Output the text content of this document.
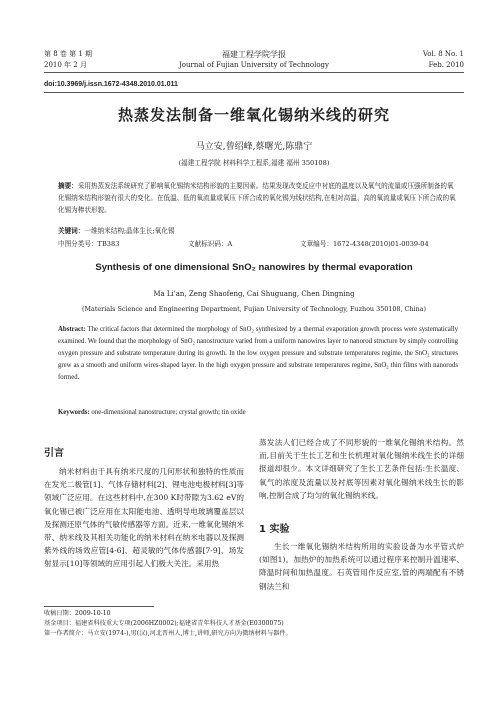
第 8 卷 第 1 期
2010 年 2 月
福建工程学院学报
Journal of Fujian University of Technology
Vol. 8 No. 1
Feb. 2010
doi:10.3969/j.issn.1672-4348.2010.01.011
热蒸发法制备一维氧化锡纳米线的研究
马立安,曾绍峰,蔡曙光,陈鼎宁
(福建工程学院 材料科学工程系,福建 福州 350108)
摘要：采用热蒸发法系统研究了影响氧化锡纳米结构形貌的主要因素。结果发现改变反应中衬底的温度以及氧气的流量或压强所制备的氧化锡纳米结构形貌有很大的变化。在低温、低的氧流量或氧压下所合成的氧化锡为线状结构,在相对高温、高的氧流量或氧压下所合成的氧化锡为棒状形貌。
关键词：一维纳米结构;晶体生长;氧化锡
中图分类号：TB383	文献标识码：A	文章编号：1672-4348(2010)01-0039-04
Synthesis of one dimensional SnO₂ nanowires by thermal evaporation
Ma Li'an, Zeng Shaofeng, Cai Shuguang, Chen Dingning
(Materials Science and Engineering Department, Fujian University of Technology, Fuzhou 350108, China)
Abstract: The critical factors that determined the morphology of SnO₂ synthesized by a thermal evaporation growth process were systematically examined. We found that the morphology of SnO₂ nanostructure varied from a uniform nanowires layer to nanorod structure by simply controlling oxygen pressure and substrate temperature during its growth. In the low oxygen pressure and substrate temperatures regime, the SnO₂ structures grew as a smooth and uniform wires-shaped layer. In the high oxygen pressure and substrate temperatures regime, SnO₂ thin films with nanorods formed.
Keywords: one-dimensional nanostructure; crystal growth; tin oxide
引言
纳米材料由于具有纳米尺度的几何形状和独特的性质而在发光二极管[1]、气体存储材料[2]、锂电池电极材料[3]等领域广泛应用。在这些材料中,在300 K时带隙为3.62 eV的氧化锡已被广泛应用在太阳能电池、透明导电玻璃覆盖层以及探测还原气体的气敏传感器等方面。近来,一维氧化锡纳米带、纳米线及其相关功能化的纳米材料在纳米电器以及探测紫外线的场效应管[4-6]、超灵敏的气体传感器[7-9]、场发射显示[10]等领域的应用引起人们极大关注。采用热
蒸发法人们已经合成了不同形貌的一维氧化锡纳米结构。然而,目前关于生长工艺和生长机理对氧化锡纳米线生长的详细报道却很少。本文详细研究了生长工艺条件包括:生长温度、氧气的浓度及流量以及衬底等因素对氧化锡纳米线生长的影响,控制合成了均匀的氧化锡纳米线。
1 实验
生长一维氧化锡纳米结构所用的实验设备为水平管式炉(如图1)。加热炉的加热系统可以通过程序来控制升温速率、降温时间和加热温度。石英管用作反应室,管的两端配有不锈钢法兰和
收稿日期：2009-10-10
基金项目：福建省科技重大专项(2006HZ0002);福建省青年科技人才基金(E0300075)
第一作者简介：马立安(1974-),男(汉),河北晋州人,博士,讲师,研究方向为微纳材料与器件。
